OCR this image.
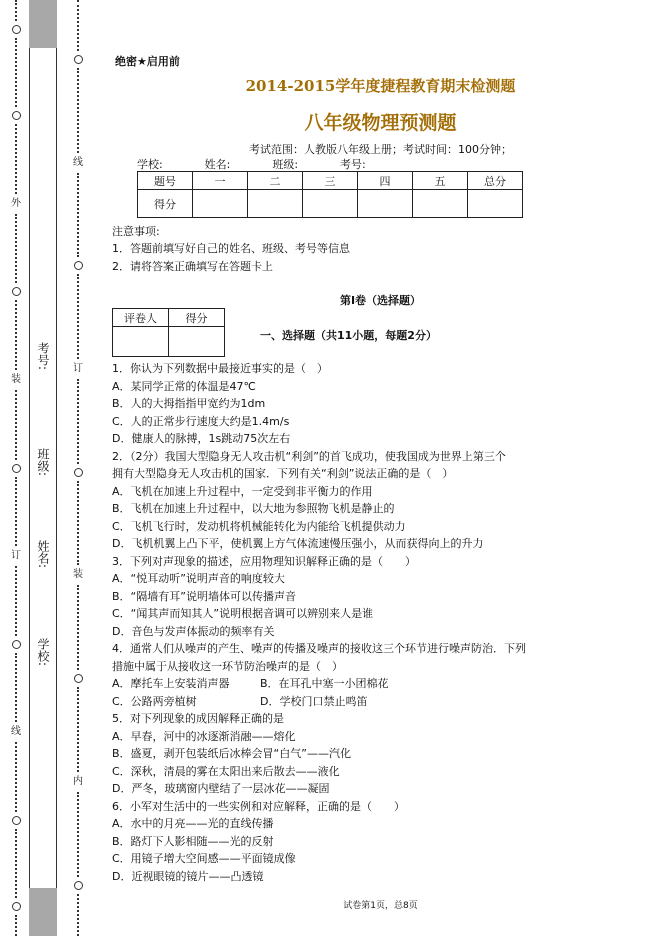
外
装
订
线
考号:
班级:
姓名:
学校:
线
订
装
内
绝密★启用前
2014-2015学年度捷程教育期末检测题
八年级物理预测题
考试范围：人教版八年级上册；考试时间：100分钟；
学校:            姓名:            班级:            考号:
题号	一	二	三	四	五	总分
得分						
注意事项:
1．答题前填写好自己的姓名、班级、考号等信息
2．请将答案正确填写在答题卡上
第I卷（选择题）
评卷人	得分

一、选择题（共11小题，每题2分）
1．你认为下列数据中最接近事实的是（　）
A．某同学正常的体温是47℃
B．人的大拇指指甲宽约为1dm
C．人的正常步行速度大约是1.4m/s
D．健康人的脉搏，1s跳动75次左右
2．（2分）我国大型隐身无人攻击机“利剑”的首飞成功，使我国成为世界上第三个
拥有大型隐身无人攻击机的国家．下列有关“利剑”说法正确的是（　）
A．飞机在加速上升过程中，一定受到非平衡力的作用
B．飞机在加速上升过程中，以大地为参照物飞机是静止的
C．飞机飞行时，发动机将机械能转化为内能给飞机提供动力
D．飞机机翼上凸下平，使机翼上方气体流速慢压强小，从而获得向上的升力
3．下列对声现象的描述，应用物理知识解释正确的是（　　）
A．“悦耳动听”说明声音的响度较大
B．“隔墙有耳”说明墙体可以传播声音
C．“闻其声而知其人”说明根据音调可以辨别来人是谁
D．音色与发声体振动的频率有关
4．通常人们从噪声的产生、噪声的传播及噪声的接收这三个环节进行噪声防治．下列
措施中属于从接收这一环节防治噪声的是（　）
A．摩托车上安装消声器	B．在耳孔中塞一小团棉花
C．公路两旁植树	D．学校门口禁止鸣笛
5．对下列现象的成因解释正确的是
A．早春，河中的冰逐渐消融——熔化
B．盛夏，剥开包装纸后冰棒会冒“白气”——汽化
C．深秋，清晨的雾在太阳出来后散去——液化
D．严冬，玻璃窗内壁结了一层冰花——凝固
6．小军对生活中的一些实例和对应解释，正确的是（　　）
A．水中的月亮——光的直线传播
B．路灯下人影相随——光的反射
C．用镜子增大空间感——平面镜成像
D．近视眼镜的镜片——凸透镜
试卷第1页，总8页
